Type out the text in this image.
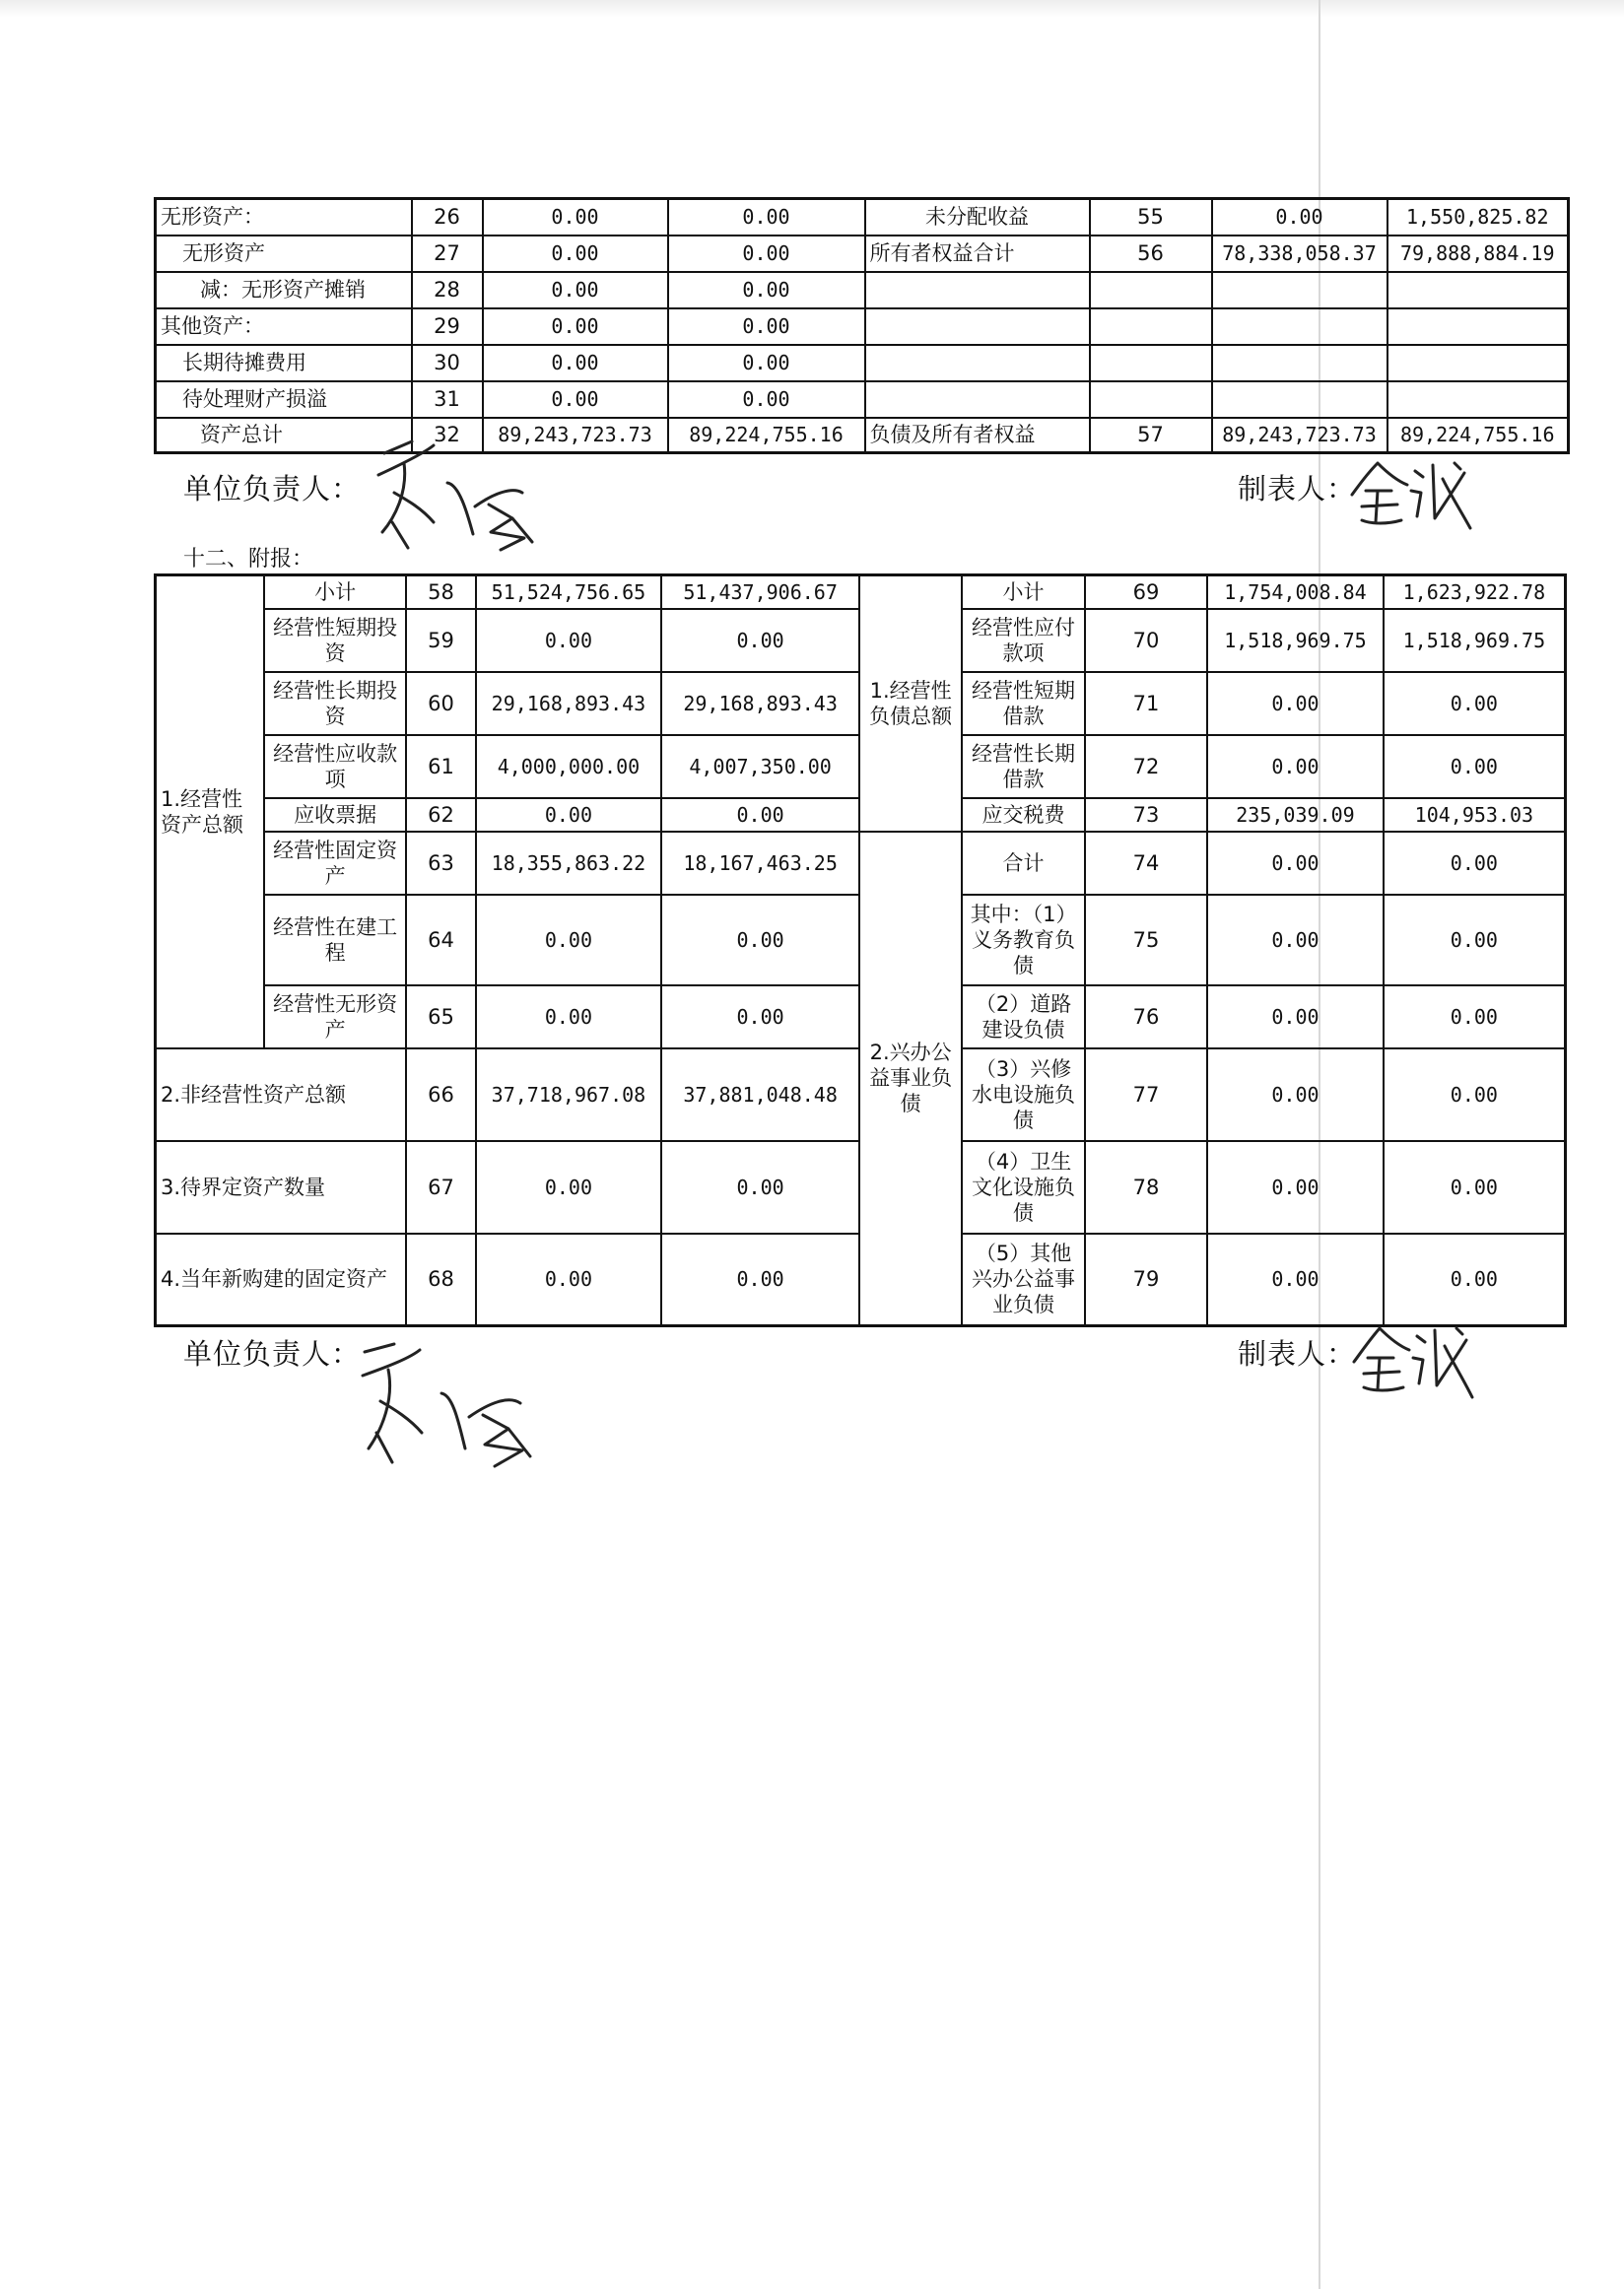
无形资产：	26	0.00	0.00	未分配收益	55	0.00	1,550,825.82
无形资产	27	0.00	0.00	所有者权益合计	56	78,338,058.37	79,888,884.19
减：无形资产摊销	28	0.00	0.00				
其他资产：	29	0.00	0.00				
长期待摊费用	30	0.00	0.00				
待处理财产损溢	31	0.00	0.00				
资产总计	32	89,243,723.73	89,224,755.16	负债及所有者权益	57	89,243,723.73	89,224,755.16
单位负责人：	制表人：
十二、附报：
1.经营性资产总额	小计	58	51,524,756.65	51,437,906.67	1.经营性负债总额	小计	69	1,754,008.84	1,623,922.78
	经营性短期投资	59	0.00	0.00		经营性应付款项	70	1,518,969.75	1,518,969.75
	经营性长期投资	60	29,168,893.43	29,168,893.43		经营性短期借款	71	0.00	0.00
	经营性应收款项	61	4,000,000.00	4,007,350.00		经营性长期借款	72	0.00	0.00
	应收票据	62	0.00	0.00		应交税费	73	235,039.09	104,953.03
	经营性固定资产	63	18,355,863.22	18,167,463.25	2.兴办公益事业负债	合计	74	0.00	0.00
	经营性在建工程	64	0.00	0.00		其中：（1）义务教育负债	75	0.00	0.00
	经营性无形资产	65	0.00	0.00		（2）道路建设负债	76	0.00	0.00
2.非经营性资产总额		66	37,718,967.08	37,881,048.48		（3）兴修水电设施负债	77	0.00	0.00
3.待界定资产数量		67	0.00	0.00		（4）卫生文化设施负债	78	0.00	0.00
4.当年新购建的固定资产		68	0.00	0.00		（5）其他兴办公益事业负债	79	0.00	0.00
单位负责人：	制表人：
